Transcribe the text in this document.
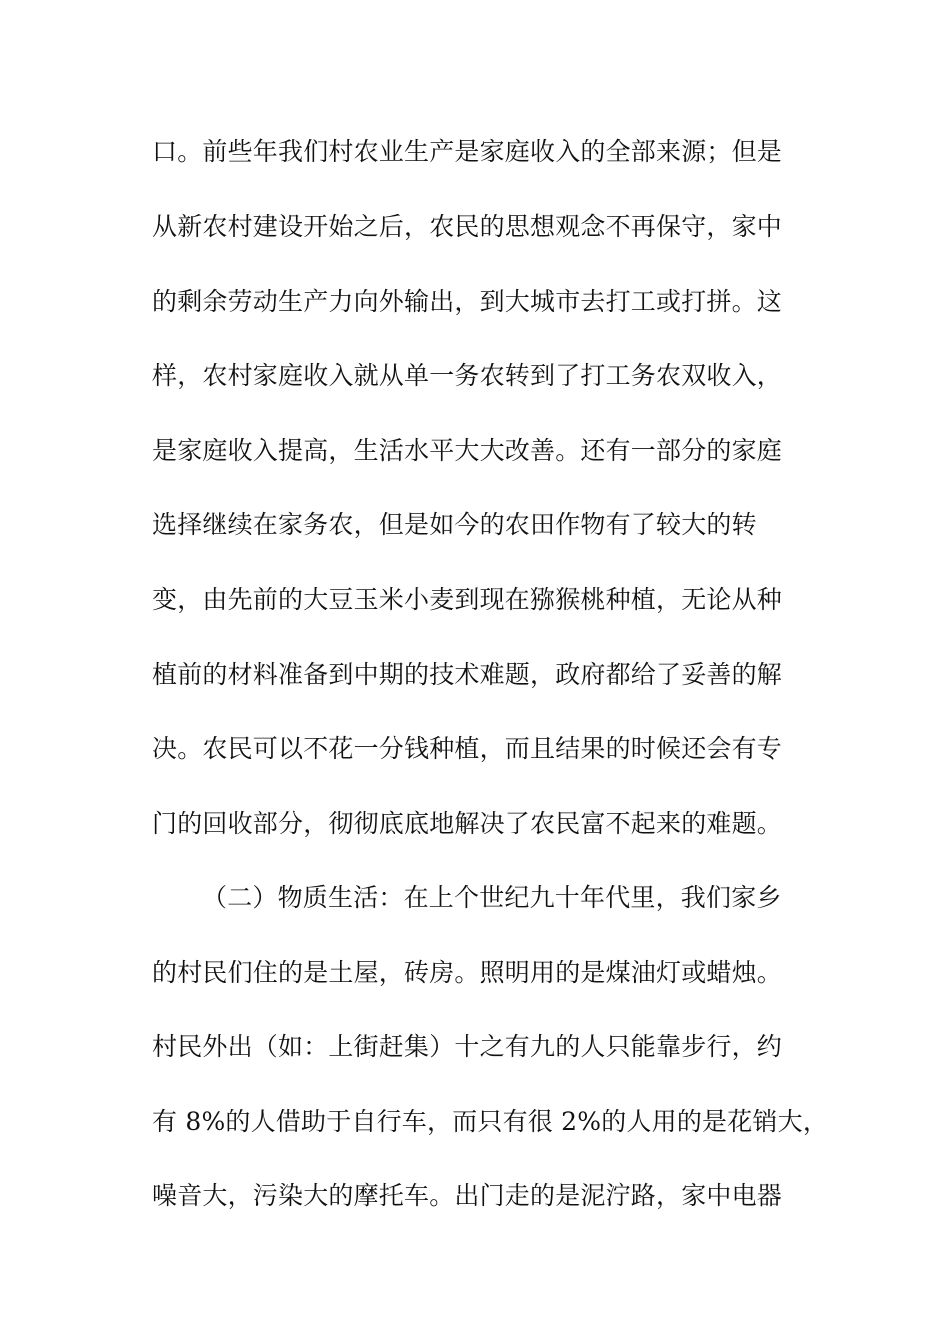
口。前些年我们村农业生产是家庭收入的全部来源；但是
从新农村建设开始之后，农民的思想观念不再保守，家中
的剩余劳动生产力向外输出，到大城市去打工或打拼。这
样，农村家庭收入就从单一务农转到了打工务农双收入，
是家庭收入提高，生活水平大大改善。还有一部分的家庭
选择继续在家务农，但是如今的农田作物有了较大的转
变，由先前的大豆玉米小麦到现在猕猴桃种植，无论从种
植前的材料准备到中期的技术难题，政府都给了妥善的解
决。农民可以不花一分钱种植，而且结果的时候还会有专
门的回收部分，彻彻底底地解决了农民富不起来的难题。
（二）物质生活：在上个世纪九十年代里，我们家乡
的村民们住的是土屋，砖房。照明用的是煤油灯或蜡烛。
村民外出（如：上街赶集）十之有九的人只能靠步行，约
有 8%的人借助于自行车，而只有很 2%的人用的是花销大，
噪音大，污染大的摩托车。出门走的是泥泞路，家中电器
